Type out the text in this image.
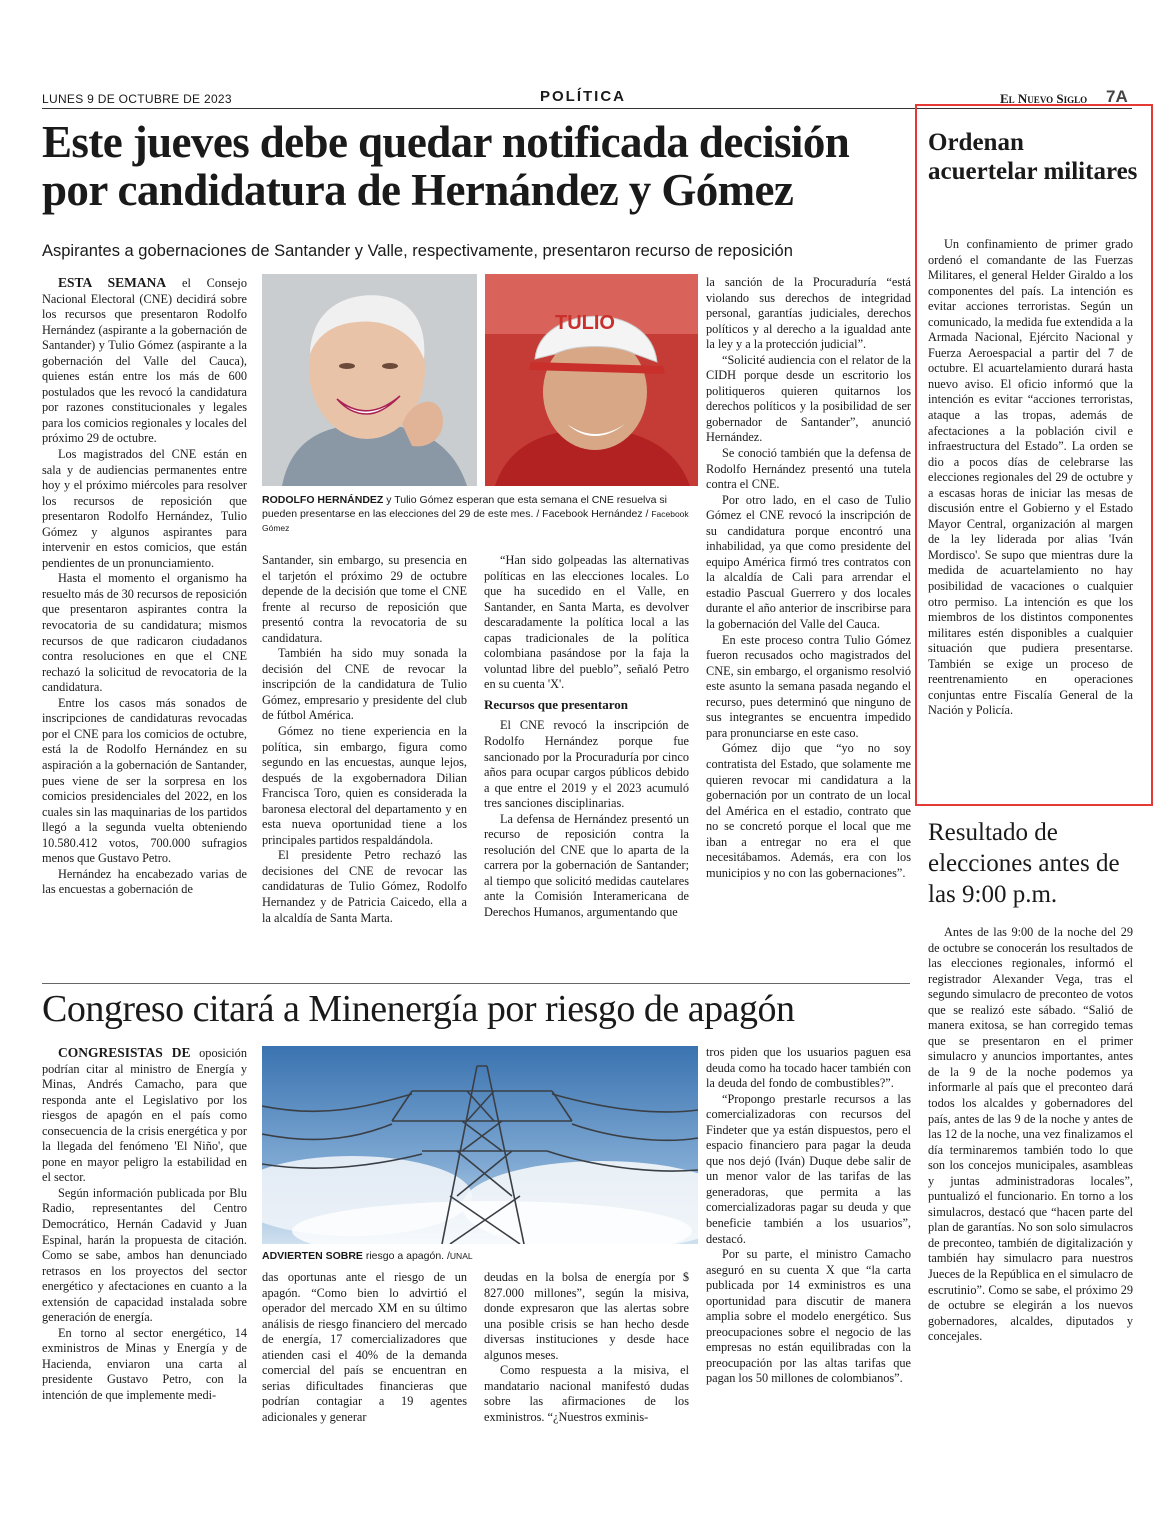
LUNES 9 DE OCTUBRE DE 2023	POLÍTICA	El Nuevo Siglo 7A
Este jueves debe quedar notificada decisión por candidatura de Hernández y Gómez
Aspirantes a gobernaciones de Santander y Valle, respectivamente, presentaron recurso de reposición

ESTA SEMANA el Consejo Nacional Electoral (CNE) decidirá sobre los recursos que presentaron Rodolfo Hernández (aspirante a la gobernación de Santander) y Tulio Gómez (aspirante a la gobernación del Valle del Cauca), quienes están entre los más de 600 postulados que les revocó la candidatura por razones constitucionales y legales para los comicios regionales y locales del próximo 29 de octubre.

Los magistrados del CNE están en sala y de audiencias permanentes entre hoy y el próximo miércoles para resolver los recursos de reposición que presentaron Rodolfo Hernández, Tulio Gómez y algunos aspirantes para intervenir en estos comicios, que están pendientes de un pronunciamiento.

Hasta el momento el organismo ha resuelto más de 30 recursos de reposición que presentaron aspirantes contra la revocatoria de su candidatura; mismos recursos de que radicaron ciudadanos contra resoluciones en que el CNE rechazó la solicitud de revocatoria de la candidatura.

Entre los casos más sonados de inscripciones de candidaturas revocadas por el CNE para los comicios de octubre, está la de Rodolfo Hernández en su aspiración a la gobernación de Santander, pues viene de ser la sorpresa en los comicios presidenciales del 2022, en los cuales sin las maquinarias de los partidos llegó a la segunda vuelta obteniendo 10.580.412 votos, 700.000 sufragios menos que Gustavo Petro.

Hernández ha encabezado varias de las encuestas a gobernación de

TULIO
RODOLFO HERNÁNDEZ y Tulio Gómez esperan que esta semana el CNE resuelva si pueden presentarse en las elecciones del 29 de este mes. / Facebook Hernández / Facebook Gómez

Santander, sin embargo, su presencia en el tarjetón el próximo 29 de octubre depende de la decisión que tome el CNE frente al recurso de reposición que presentó contra la revocatoria de su candidatura.

También ha sido muy sonada la decisión del CNE de revocar la inscripción de la candidatura de Tulio Gómez, empresario y presidente del club de fútbol América.

Gómez no tiene experiencia en la política, sin embargo, figura como segundo en las encuestas, aunque lejos, después de la exgobernadora Dilian Francisca Toro, quien es considerada la baronesa electoral del departamento y en esta nueva oportunidad tiene a los principales partidos respaldándola.

El presidente Petro rechazó las decisiones del CNE de revocar las candidaturas de Tulio Gómez, Rodolfo Hernandez y de Patricia Caicedo, ella a la alcaldía de Santa Marta.

“Han sido golpeadas las alternativas políticas en las elecciones locales. Lo que ha sucedido en el Valle, en Santander, en Santa Marta, es devolver descaradamente la política local a las capas tradicionales de la política colombiana pasándose por la faja la voluntad libre del pueblo”, señaló Petro en su cuenta 'X'.

Recursos que presentaron

El CNE revocó la inscripción de Rodolfo Hernández porque fue sancionado por la Procuraduría por cinco años para ocupar cargos públicos debido a que entre el 2019 y el 2023 acumuló tres sanciones disciplinarias.

La defensa de Hernández presentó un recurso de reposición contra la resolución del CNE que lo aparta de la carrera por la gobernación de Santander; al tiempo que solicitó medidas cautelares ante la Comisión Interamericana de Derechos Humanos, argumentando que

la sanción de la Procuraduría “está violando sus derechos de integridad personal, garantías judiciales, derechos políticos y al derecho a la igualdad ante la ley y a la protección judicial”.

“Solicité audiencia con el relator de la CIDH porque desde un escritorio los politiqueros quieren quitarnos los derechos políticos y la posibilidad de ser gobernador de Santander”, anunció Hernández.

Se conoció también que la defensa de Rodolfo Hernández presentó una tutela contra el CNE.

Por otro lado, en el caso de Tulio Gómez el CNE revocó la inscripción de su candidatura porque encontró una inhabilidad, ya que como presidente del equipo América firmó tres contratos con la alcaldía de Cali para arrendar el estadio Pascual Guerrero y dos locales durante el año anterior de inscribirse para la gobernación del Valle del Cauca.

En este proceso contra Tulio Gómez fueron recusados ocho magistrados del CNE, sin embargo, el organismo resolvió este asunto la semana pasada negando el recurso, pues determinó que ninguno de sus integrantes se encuentra impedido para pronunciarse en este caso.

Gómez dijo que “yo no soy contratista del Estado, que solamente me quieren revocar mi candidatura a la gobernación por un contrato de un local del América en el estadio, contrato que no se concretó porque el local que me iban a entregar no era el que necesitábamos. Además, era con los municipios y no con las gobernaciones”.

Congreso citará a Minenergía por riesgo de apagón

CONGRESISTAS DE oposición podrían citar al ministro de Energía y Minas, Andrés Camacho, para que responda ante el Legislativo por los riesgos de apagón en el país como consecuencia de la crisis energética y por la llegada del fenómeno 'El Niño', que pone en mayor peligro la estabilidad en el sector.

Según información publicada por Blu Radio, representantes del Centro Democrático, Hernán Cadavid y Juan Espinal, harán la propuesta de citación. Como se sabe, ambos han denunciado retrasos en los proyectos del sector energético y afectaciones en cuanto a la extensión de capacidad instalada sobre generación de energía.

En torno al sector energético, 14 exministros de Minas y Energía y de Hacienda, enviaron una carta al presidente Gustavo Petro, con la intención de que implemente medi-

ADVIERTEN SOBRE riesgo a apagón. /UNAL

das oportunas ante el riesgo de un apagón. “Como bien lo advirtió el operador del mercado XM en su último análisis de riesgo financiero del mercado de energía, 17 comercializadores que atienden casi el 40% de la demanda comercial del país se encuentran en serias dificultades financieras que podrían contagiar a 19 agentes adicionales y generar

deudas en la bolsa de energía por $ 827.000 millones”, según la misiva, donde expresaron que las alertas sobre una posible crisis se han hecho desde diversas instituciones y desde hace algunos meses.

Como respuesta a la misiva, el mandatario nacional manifestó dudas sobre las afirmaciones de los exministros. “¿Nuestros exminis-

tros piden que los usuarios paguen esa deuda como ha tocado hacer también con la deuda del fondo de combustibles?”.

“Propongo prestarle recursos a las comercializadoras con recursos del Findeter que ya están dispuestos, pero el espacio financiero para pagar la deuda que nos dejó (Iván) Duque debe salir de un menor valor de las tarifas de las generadoras, que permita a las comercializadoras pagar su deuda y que beneficie también a los usuarios”, destacó.

Por su parte, el ministro Camacho aseguró en su cuenta X que “la carta publicada por 14 exministros es una oportunidad para discutir de manera amplia sobre el modelo energético. Sus preocupaciones sobre el negocio de las empresas no están equilibradas con la preocupación por las altas tarifas que pagan los 50 millones de colombianos”.

Ordenan acuertelar militares

Un confinamiento de primer grado ordenó el comandante de las Fuerzas Militares, el general Helder Giraldo a los componentes del país. La intención es evitar acciones terroristas. Según un comunicado, la medida fue extendida a la Armada Nacional, Ejército Nacional y Fuerza Aeroespacial a partir del 7 de octubre. El acuartelamiento durará hasta nuevo aviso. El oficio informó que la intención es evitar “acciones terroristas, ataque a las tropas, además de afectaciones a la población civil e infraestructura del Estado”. La orden se dio a pocos días de celebrarse las elecciones regionales del 29 de octubre y a escasas horas de iniciar las mesas de discusión entre el Gobierno y el Estado Mayor Central, organización al margen de la ley liderada por alias 'Iván Mordisco'. Se supo que mientras dure la medida de acuartelamiento no hay posibilidad de vacaciones o cualquier otro permiso. La intención es que los miembros de los distintos componentes militares estén disponibles a cualquier situación que pudiera presentarse. También se exige un proceso de reentrenamiento en operaciones conjuntas entre Fiscalía General de la Nación y Policía.

Resultado de elecciones antes de las 9:00 p.m.

Antes de las 9:00 de la noche del 29 de octubre se conocerán los resultados de las elecciones regionales, informó el registrador Alexander Vega, tras el segundo simulacro de preconteo de votos que se realizó este sábado. “Salió de manera exitosa, se han corregido temas que se presentaron en el primer simulacro y anuncios importantes, antes de la 9 de la noche podemos ya informarle al país que el preconteo dará todos los alcaldes y gobernadores del país, antes de las 9 de la noche y antes de las 12 de la noche, una vez finalizamos el día terminaremos también todo lo que son los concejos municipales, asambleas y juntas administradoras locales”, puntualizó el funcionario. En torno a los simulacros, destacó que “hacen parte del plan de garantías. No son solo simulacros de preconteo, también de digitalización y también hay simulacro para nuestros Jueces de la República en el simulacro de escrutinio”. Como se sabe, el próximo 29 de octubre se elegirán a los nuevos gobernadores, alcaldes, diputados y concejales.
